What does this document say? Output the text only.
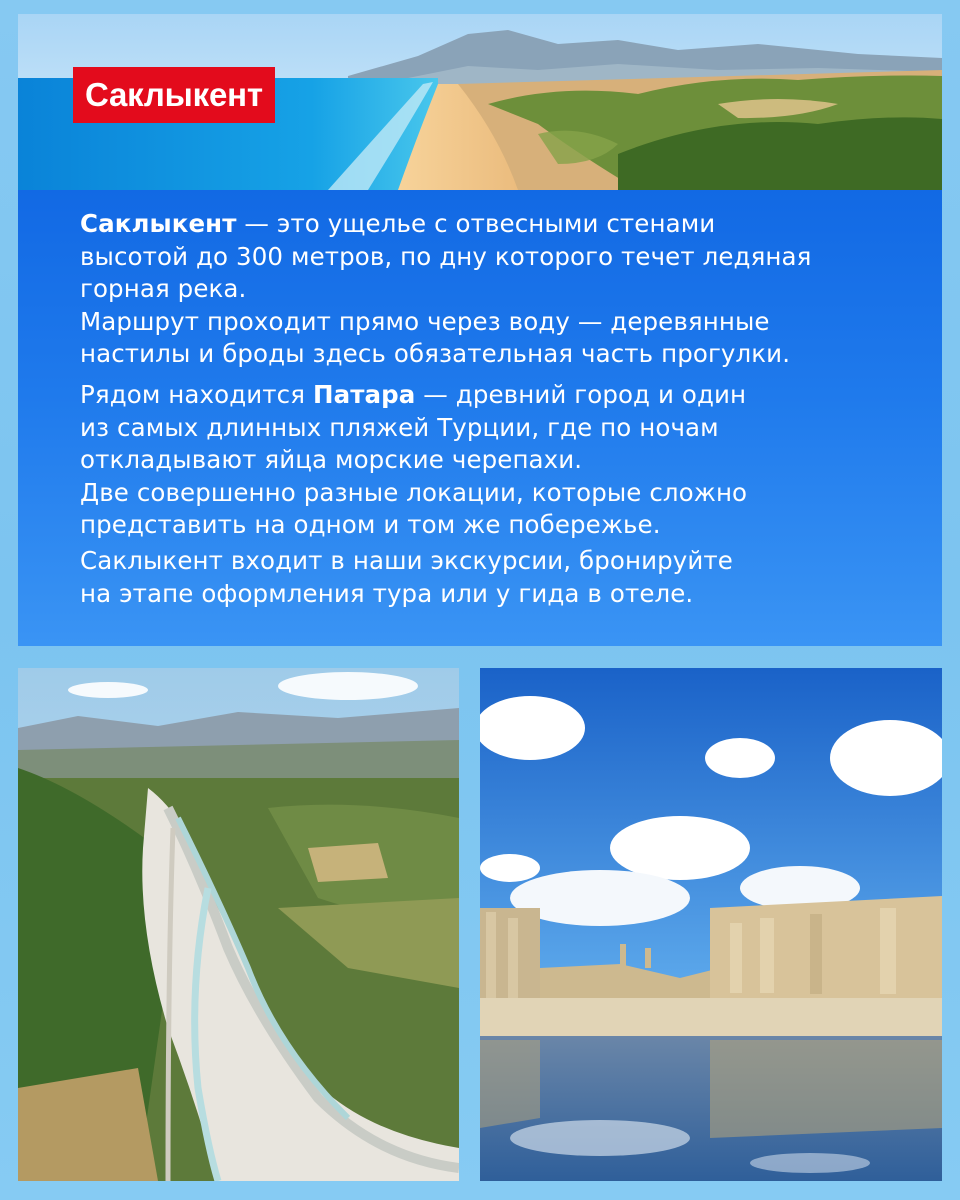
Саклыкент

Саклыкент — это ущелье с отвесными стенами
высотой до 300 метров, по дну которого течет ледяная
горная река.
Маршрут проходит прямо через воду — деревянные
настилы и броды здесь обязательная часть прогулки.

Рядом находится Патара — древний город и один
из самых длинных пляжей Турции, где по ночам
откладывают яйца морские черепахи.
Две совершенно разные локации, которые сложно
представить на одном и том же побережье.

Саклыкент входит в наши экскурсии, бронируйте
на этапе оформления тура или у гида в отеле.
